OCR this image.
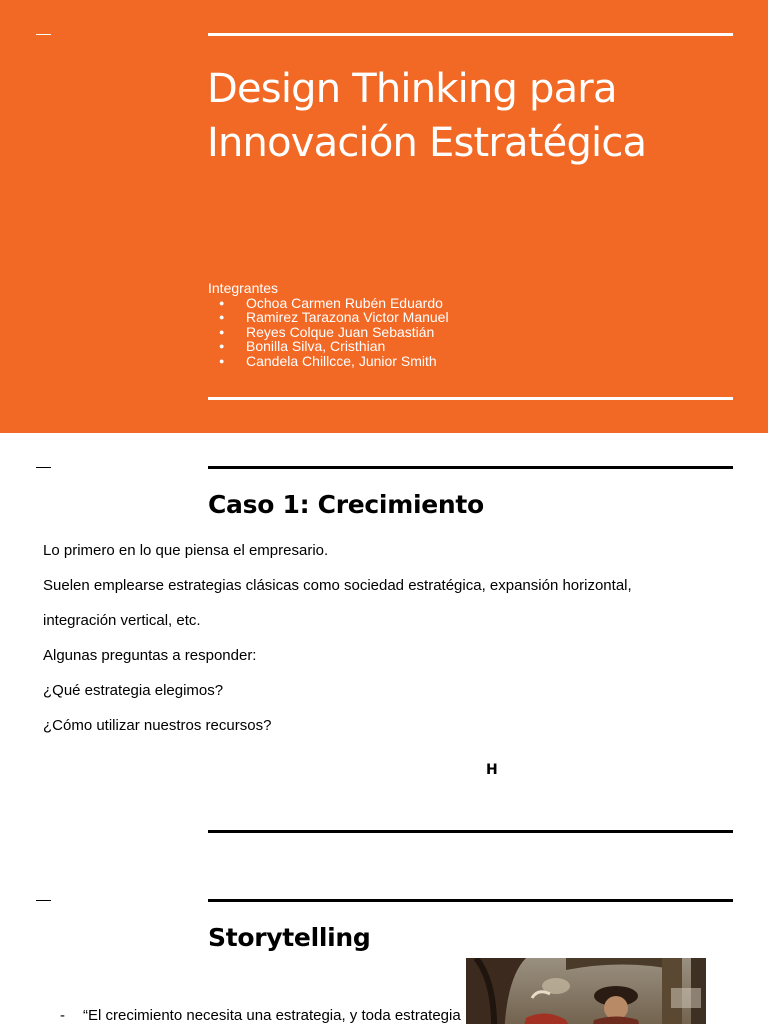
Design Thinking para
Innovación Estratégica
Integrantes
● Ochoa Carmen Rubén Eduardo
● Ramirez Tarazona Victor Manuel
● Reyes Colque Juan Sebastián
● Bonilla Silva, Cristhian
● Candela Chillcce, Junior Smith
Caso 1: Crecimiento

Lo primero en lo que piensa el empresario.

Suelen emplearse estrategias clásicas como sociedad estratégica, expansión horizontal,

integración vertical, etc.

Algunas preguntas a responder:

¿Qué estrategia elegimos?

¿Cómo utilizar nuestros recursos?

H
Storytelling
- “El crecimiento necesita una estrategia, y toda estrategia
